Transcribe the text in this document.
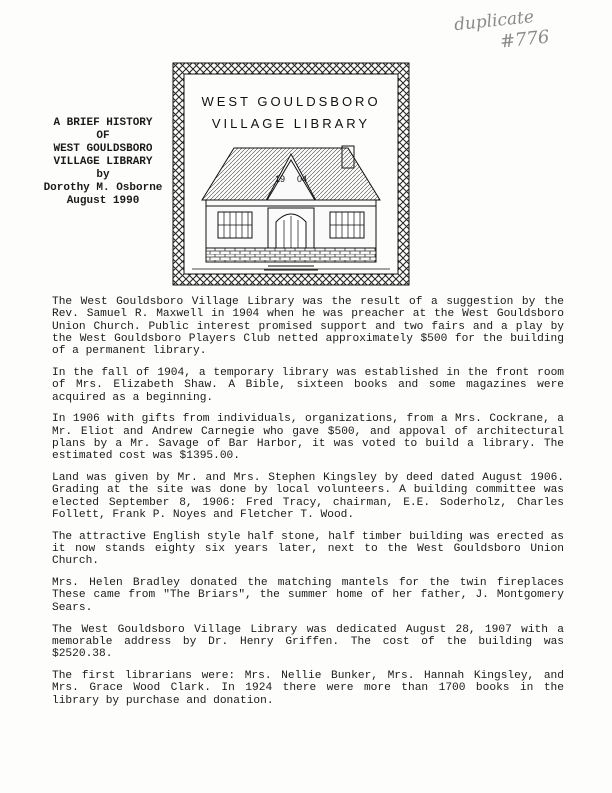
duplicate
#776
A BRIEF HISTORY
OF
WEST GOULDSBORO
VILLAGE LIBRARY
by
Dorothy M. Osborne
August 1990
WEST GOULDSBORO
VILLAGE LIBRARY
19 04

The West Gouldsboro Village Library was the result of a suggestion by the Rev. Samuel R. Maxwell in 1904 when he was preacher at the West Gouldsboro Union Church. Public interest promised support and two fairs and a play by the West Gouldsboro Players Club netted approximately $500 for the building of a permanent library.

In the fall of 1904, a temporary library was established in the front room of Mrs. Elizabeth Shaw. A Bible, sixteen books and some magazines were acquired as a beginning.

In 1906 with gifts from individuals, organizations, from a Mrs. Cockrane, a Mr. Eliot and Andrew Carnegie who gave $500, and appoval of architectural plans by a Mr. Savage of Bar Harbor, it was voted to build a library. The estimated cost was $1395.00.

Land was given by Mr. and Mrs. Stephen Kingsley by deed dated August 1906. Grading at the site was done by local volunteers. A building committee was elected September 8, 1906: Fred Tracy, chairman, E.E. Soderholz, Charles Follett, Frank P. Noyes and Fletcher T. Wood.

The attractive English style half stone, half timber building was erected as it now stands eighty six years later, next to the West Gouldsboro Union Church.

Mrs. Helen Bradley donated the matching mantels for the twin fireplaces These came from "The Briars", the summer home of her father, J. Montgomery Sears.

The West Gouldsboro Village Library was dedicated August 28, 1907 with a memorable address by Dr. Henry Griffen. The cost of the building was $2520.38.

The first librarians were: Mrs. Nellie Bunker, Mrs. Hannah Kingsley, and Mrs. Grace Wood Clark. In 1924 there were more than 1700 books in the library by purchase and donation.
